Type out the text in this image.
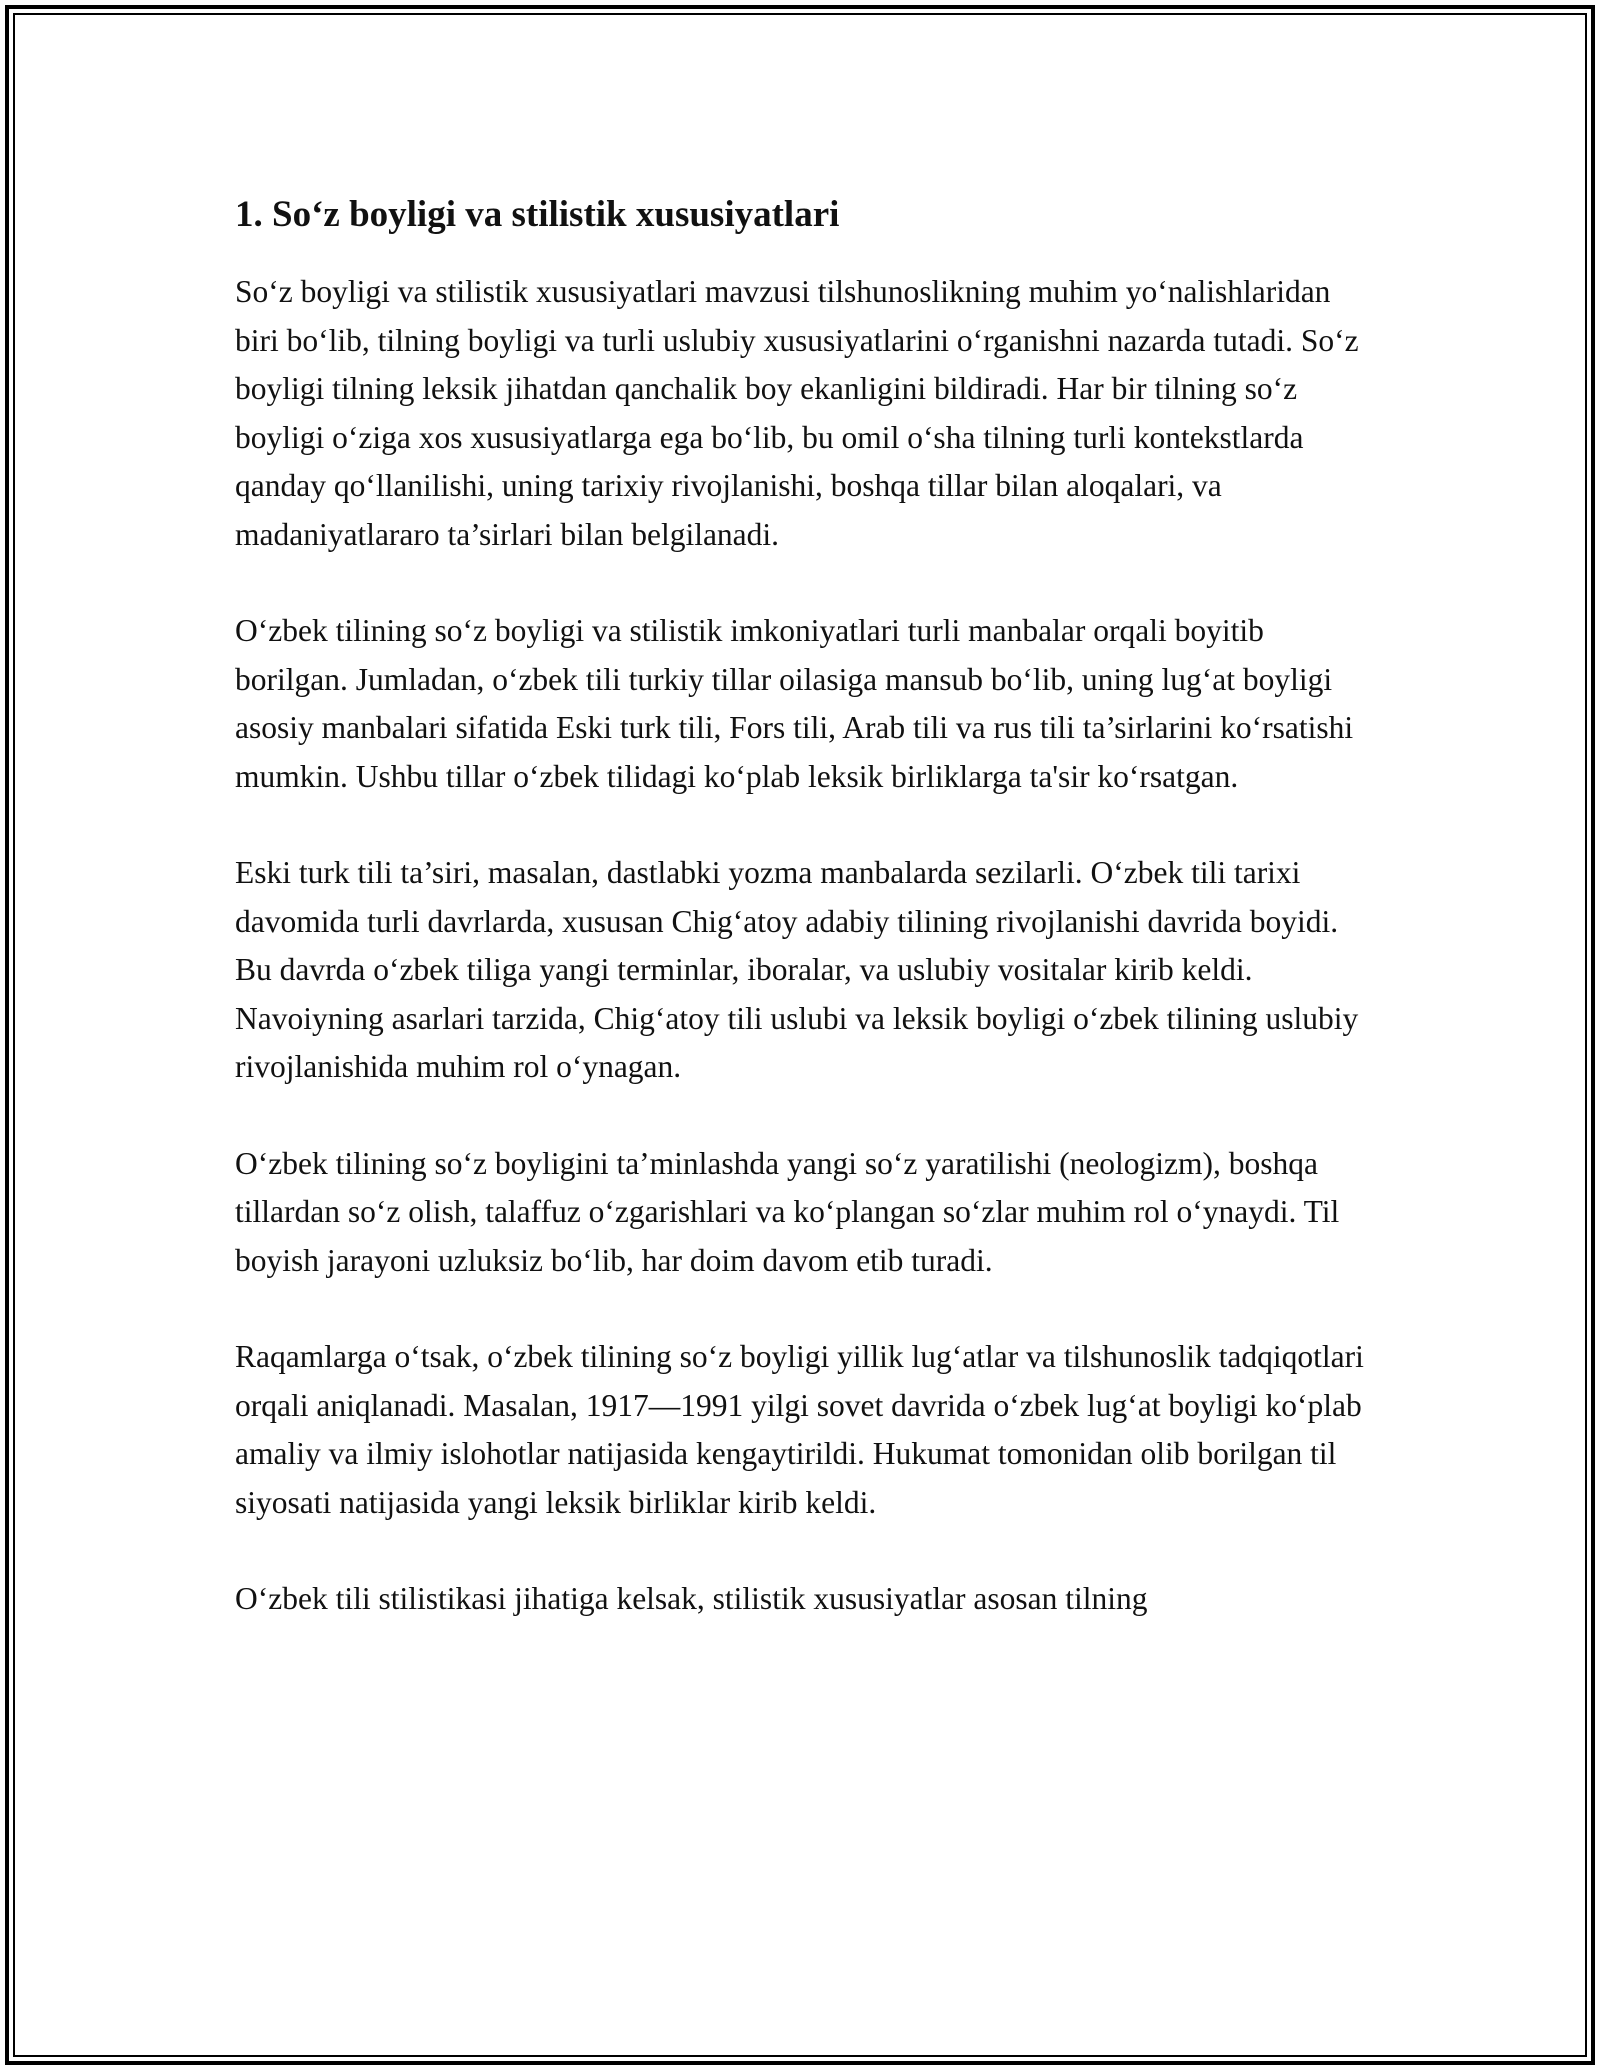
1. So‘z boyligi va stilistik xususiyatlari

So‘z boyligi va stilistik xususiyatlari mavzusi tilshunoslikning muhim yo‘nalishlaridan biri bo‘lib, tilning boyligi va turli uslubiy xususiyatlarini o‘rganishni nazarda tutadi. So‘z boyligi tilning leksik jihatdan qanchalik boy ekanligini bildiradi. Har bir tilning so‘z boyligi o‘ziga xos xususiyatlarga ega bo‘lib, bu omil o‘sha tilning turli kontekstlarda qanday qo‘llanilishi, uning tarixiy rivojlanishi, boshqa tillar bilan aloqalari, va madaniyatlararo ta’sirlari bilan belgilanadi.

O‘zbek tilining so‘z boyligi va stilistik imkoniyatlari turli manbalar orqali boyitib borilgan. Jumladan, o‘zbek tili turkiy tillar oilasiga mansub bo‘lib, uning lug‘at boyligi asosiy manbalari sifatida Eski turk tili, Fors tili, Arab tili va rus tili ta’sirlarini ko‘rsatishi mumkin. Ushbu tillar o‘zbek tilidagi ko‘plab leksik birliklarga ta'sir ko‘rsatgan.

Eski turk tili ta’siri, masalan, dastlabki yozma manbalarda sezilarli. O‘zbek tili tarixi davomida turli davrlarda, xususan Chig‘atoy adabiy tilining rivojlanishi davrida boyidi. Bu davrda o‘zbek tiliga yangi terminlar, iboralar, va uslubiy vositalar kirib keldi. Navoiyning asarlari tarzida, Chig‘atoy tili uslubi va leksik boyligi o‘zbek tilining uslubiy rivojlanishida muhim rol o‘ynagan.

O‘zbek tilining so‘z boyligini ta’minlashda yangi so‘z yaratilishi (neologizm), boshqa tillardan so‘z olish, talaffuz o‘zgarishlari va ko‘plangan so‘zlar muhim rol o‘ynaydi. Til boyish jarayoni uzluksiz bo‘lib, har doim davom etib turadi.

Raqamlarga o‘tsak, o‘zbek tilining so‘z boyligi yillik lug‘atlar va tilshunoslik tadqiqotlari orqali aniqlanadi. Masalan, 1917—1991 yilgi sovet davrida o‘zbek lug‘at boyligi ko‘plab amaliy va ilmiy islohotlar natijasida kengaytirildi. Hukumat tomonidan olib borilgan til siyosati natijasida yangi leksik birliklar kirib keldi.

O‘zbek tili stilistikasi jihatiga kelsak, stilistik xususiyatlar asosan tilning
